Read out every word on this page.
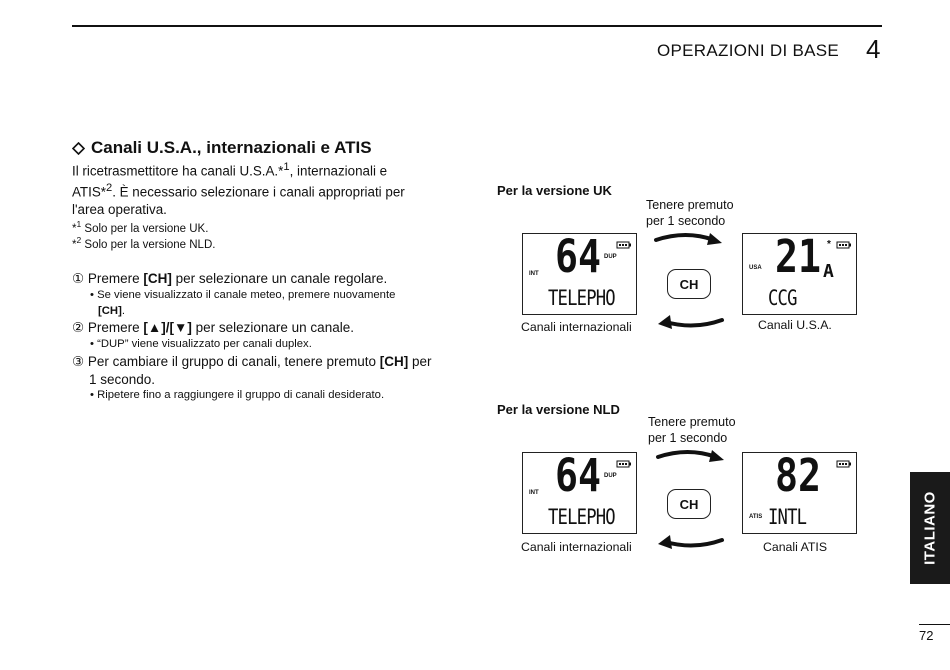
OPERAZIONI DI BASE 4
Canali U.S.A., internazionali e ATIS
Il ricetrasmettitore ha canali U.S.A.*$^1$, internazionali e
ATIS*$^2$. È necessario selezionare i canali appropriati per
l'area operativa.
*$^1$ Solo per la versione UK.
*$^2$ Solo per la versione NLD.
① Premere [CH] per selezionare un canale regolare.
• Se viene visualizzato il canale meteo, premere nuovamente
[CH].
② Premere [▲]/[▼] per selezionare un canale.
• “DUP” viene visualizzato per canali duplex.
③ Per cambiare il gruppo di canali, tenere premuto [CH] per
1 secondo.
• Ripetere fino a raggiungere il gruppo di canali desiderato.
Per la versione UK
Tenere premuto
per 1 secondo
64 DUP
INT
TELEPHO
*
21 A
USA
CCG
CH
Canali internazionali	Canali U.S.A.
Per la versione NLD
Tenere premuto
per 1 secondo
64 DUP
INT
TELEPHO
82
ATIS INTL
CH
Canali internazionali	Canali ATIS	ITALIANO
72
